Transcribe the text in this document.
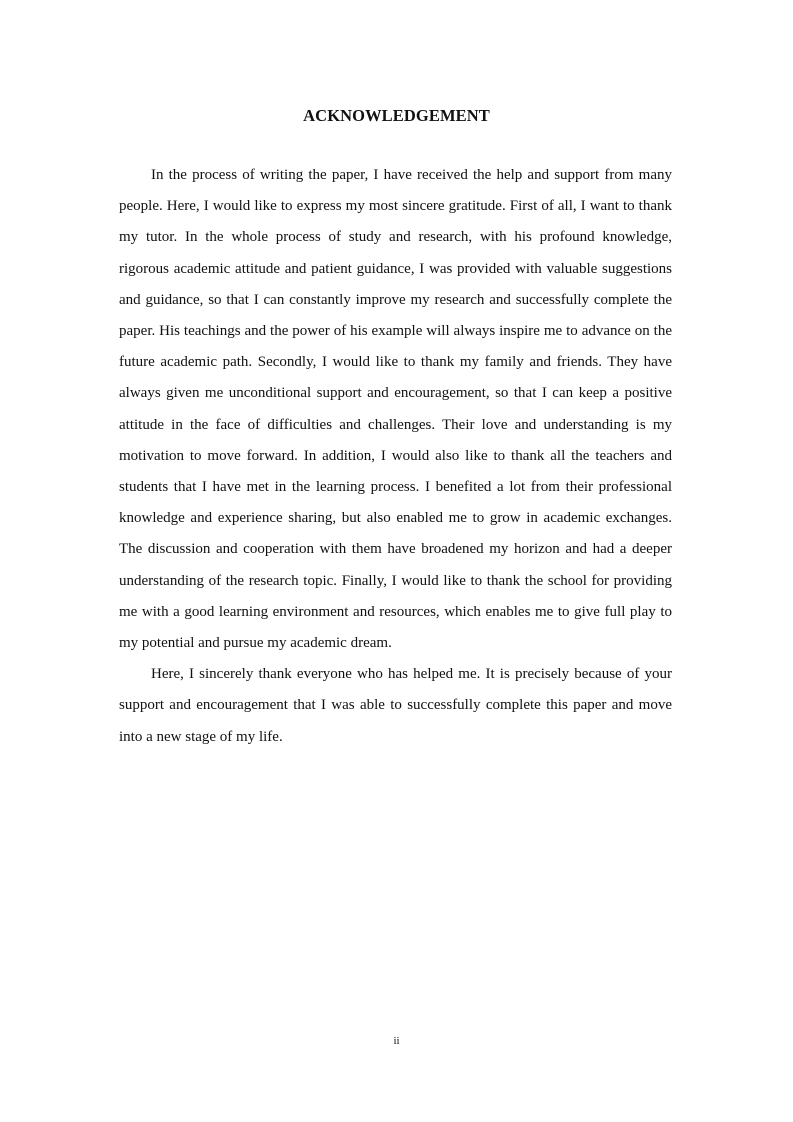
ACKNOWLEDGEMENT

In the process of writing the paper, I have received the help and support from many people. Here, I would like to express my most sincere gratitude. First of all, I want to thank my tutor. In the whole process of study and research, with his profound knowledge, rigorous academic attitude and patient guidance, I was provided with valuable suggestions and guidance, so that I can constantly improve my research and successfully complete the paper. His teachings and the power of his example will always inspire me to advance on the future academic path. Secondly, I would like to thank my family and friends. They have always given me unconditional support and encouragement, so that I can keep a positive attitude in the face of difficulties and challenges. Their love and understanding is my motivation to move forward. In addition, I would also like to thank all the teachers and students that I have met in the learning process. I benefited a lot from their professional knowledge and experience sharing, but also enabled me to grow in academic exchanges. The discussion and cooperation with them have broadened my horizon and had a deeper understanding of the research topic. Finally, I would like to thank the school for providing me with a good learning environment and resources, which enables me to give full play to my potential and pursue my academic dream.

Here, I sincerely thank everyone who has helped me. It is precisely because of your support and encouragement that I was able to successfully complete this paper and move into a new stage of my life.

ii
